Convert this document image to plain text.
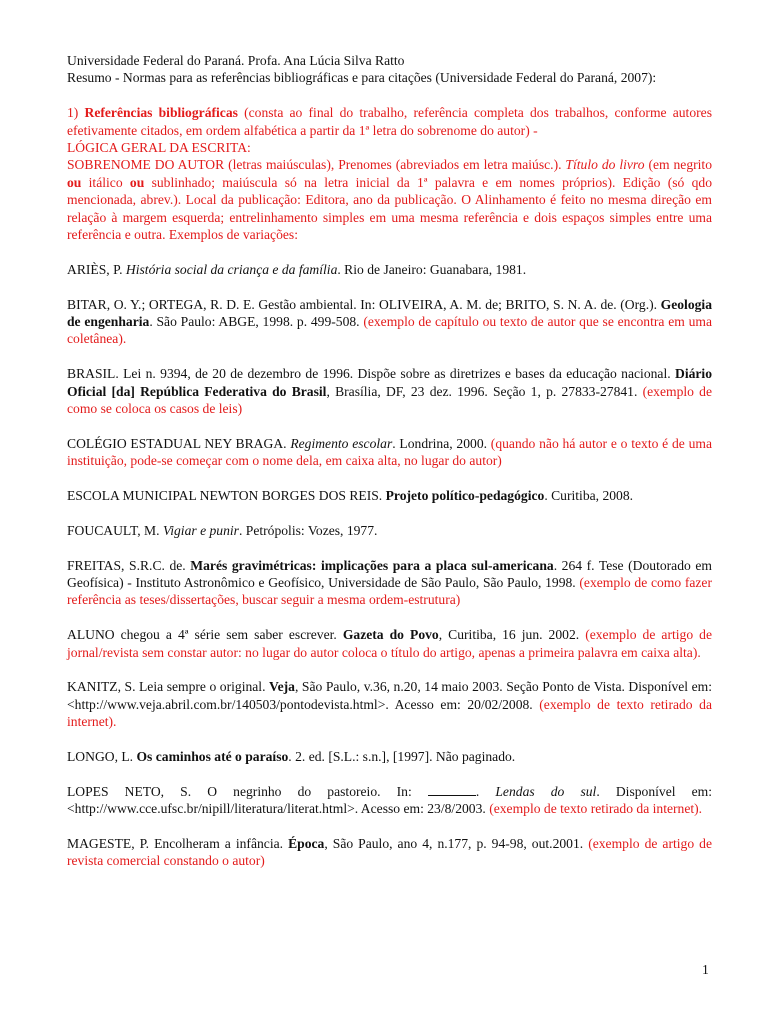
Universidade Federal do Paraná. Profa. Ana Lúcia Silva Ratto

Resumo - Normas para as referências bibliográficas e para citações (Universidade Federal do Paraná, 2007):

1) Referências bibliográficas (consta ao final do trabalho, referência completa dos trabalhos, conforme autores efetivamente citados, em ordem alfabética a partir da 1ª letra do sobrenome do autor) -

LÓGICA GERAL DA ESCRITA:

SOBRENOME DO AUTOR (letras maiúsculas), Prenomes (abreviados em letra maiúsc.). Título do livro (em negrito ou itálico ou sublinhado; maiúscula só na letra inicial da 1ª palavra e em nomes próprios). Edição (só qdo mencionada, abrev.). Local da publicação: Editora, ano da publicação. O Alinhamento é feito no mesma direção em relação à margem esquerda; entrelinhamento simples em uma mesma referência e dois espaços simples entre uma referência e outra. Exemplos de variações:

ARIÈS, P. História social da criança e da família. Rio de Janeiro: Guanabara, 1981.

BITAR, O. Y.; ORTEGA, R. D. E. Gestão ambiental. In: OLIVEIRA, A. M. de; BRITO, S. N. A. de. (Org.). Geologia de engenharia. São Paulo: ABGE, 1998. p. 499-508. (exemplo de capítulo ou texto de autor que se encontra em uma coletânea).

BRASIL. Lei n. 9394, de 20 de dezembro de 1996. Dispõe sobre as diretrizes e bases da educação nacional. Diário Oficial [da] República Federativa do Brasil, Brasília, DF, 23 dez. 1996. Seção 1, p. 27833-27841. (exemplo de como se coloca os casos de leis)

COLÉGIO ESTADUAL NEY BRAGA. Regimento escolar. Londrina, 2000. (quando não há autor e o texto é de uma instituição, pode-se começar com o nome dela, em caixa alta, no lugar do autor)

ESCOLA MUNICIPAL NEWTON BORGES DOS REIS. Projeto político-pedagógico. Curitiba, 2008.

FOUCAULT, M. Vigiar e punir. Petrópolis: Vozes, 1977.

FREITAS, S.R.C. de. Marés gravimétricas: implicações para a placa sul-americana. 264 f. Tese (Doutorado em Geofísica) - Instituto Astronômico e Geofísico, Universidade de São Paulo, São Paulo, 1998. (exemplo de como fazer referência as teses/dissertações, buscar seguir a mesma ordem-estrutura)

ALUNO chegou a 4ª série sem saber escrever. Gazeta do Povo, Curitiba, 16 jun. 2002. (exemplo de artigo de jornal/revista sem constar autor: no lugar do autor coloca o título do artigo, apenas a primeira palavra em caixa alta).

KANITZ, S. Leia sempre o original. Veja, São Paulo, v.36, n.20, 14 maio 2003. Seção Ponto de Vista. Disponível em: <http://www.veja.abril.com.br/140503/pontodevista.html>. Acesso em: 20/02/2008. (exemplo de texto retirado da internet).

LONGO, L. Os caminhos até o paraíso. 2. ed. [S.L.: s.n.], [1997]. Não paginado.

LOPES NETO, S. O negrinho do pastoreio. In:	. Lendas do sul. Disponível em: <http://www.cce.ufsc.br/nipill/literatura/literat.html>. Acesso em: 23/8/2003. (exemplo de texto retirado da internet).

MAGESTE, P. Encolheram a infância. Época, São Paulo, ano 4, n.177, p. 94-98, out.2001. (exemplo de artigo de revista comercial constando o autor)

1
